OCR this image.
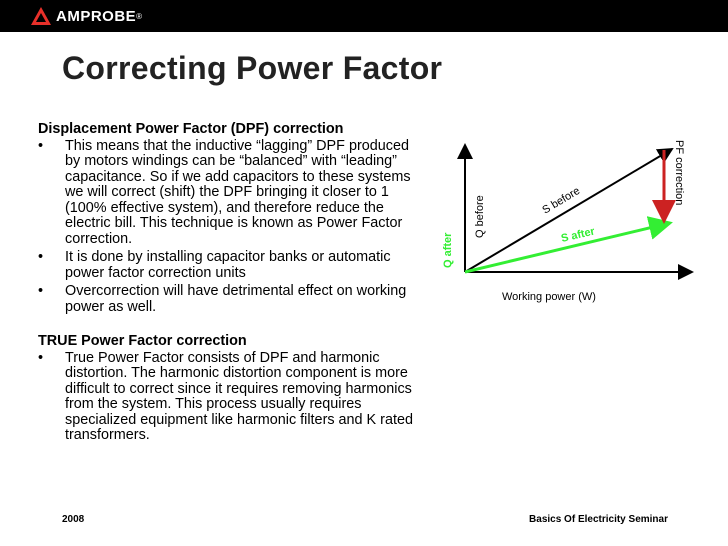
AMPROBE ®
Correcting Power Factor

Displacement Power Factor (DPF) correction

• This means that the inductive “lagging” DPF produced by motors windings can be “balanced” with “leading” capacitance. So if we add capacitors to these systems we will correct (shift) the DPF bringing it closer to 1 (100% effective system), and therefore reduce the electric bill. This technique is known as Power Factor correction.
• It is done by installing capacitor banks or automatic power factor correction units
• Overcorrection will have detrimental effect on working power as well.

TRUE Power Factor correction

• True Power Factor consists of DPF and harmonic distortion. The harmonic distortion component is more difficult to correct since it requires removing harmonics from the system. This process usually requires specialized equipment like harmonic filters and K rated transformers.
PF correction
Q before
Q after
S before
S after
Working power (W)
2008	Basics Of Electricity Seminar
